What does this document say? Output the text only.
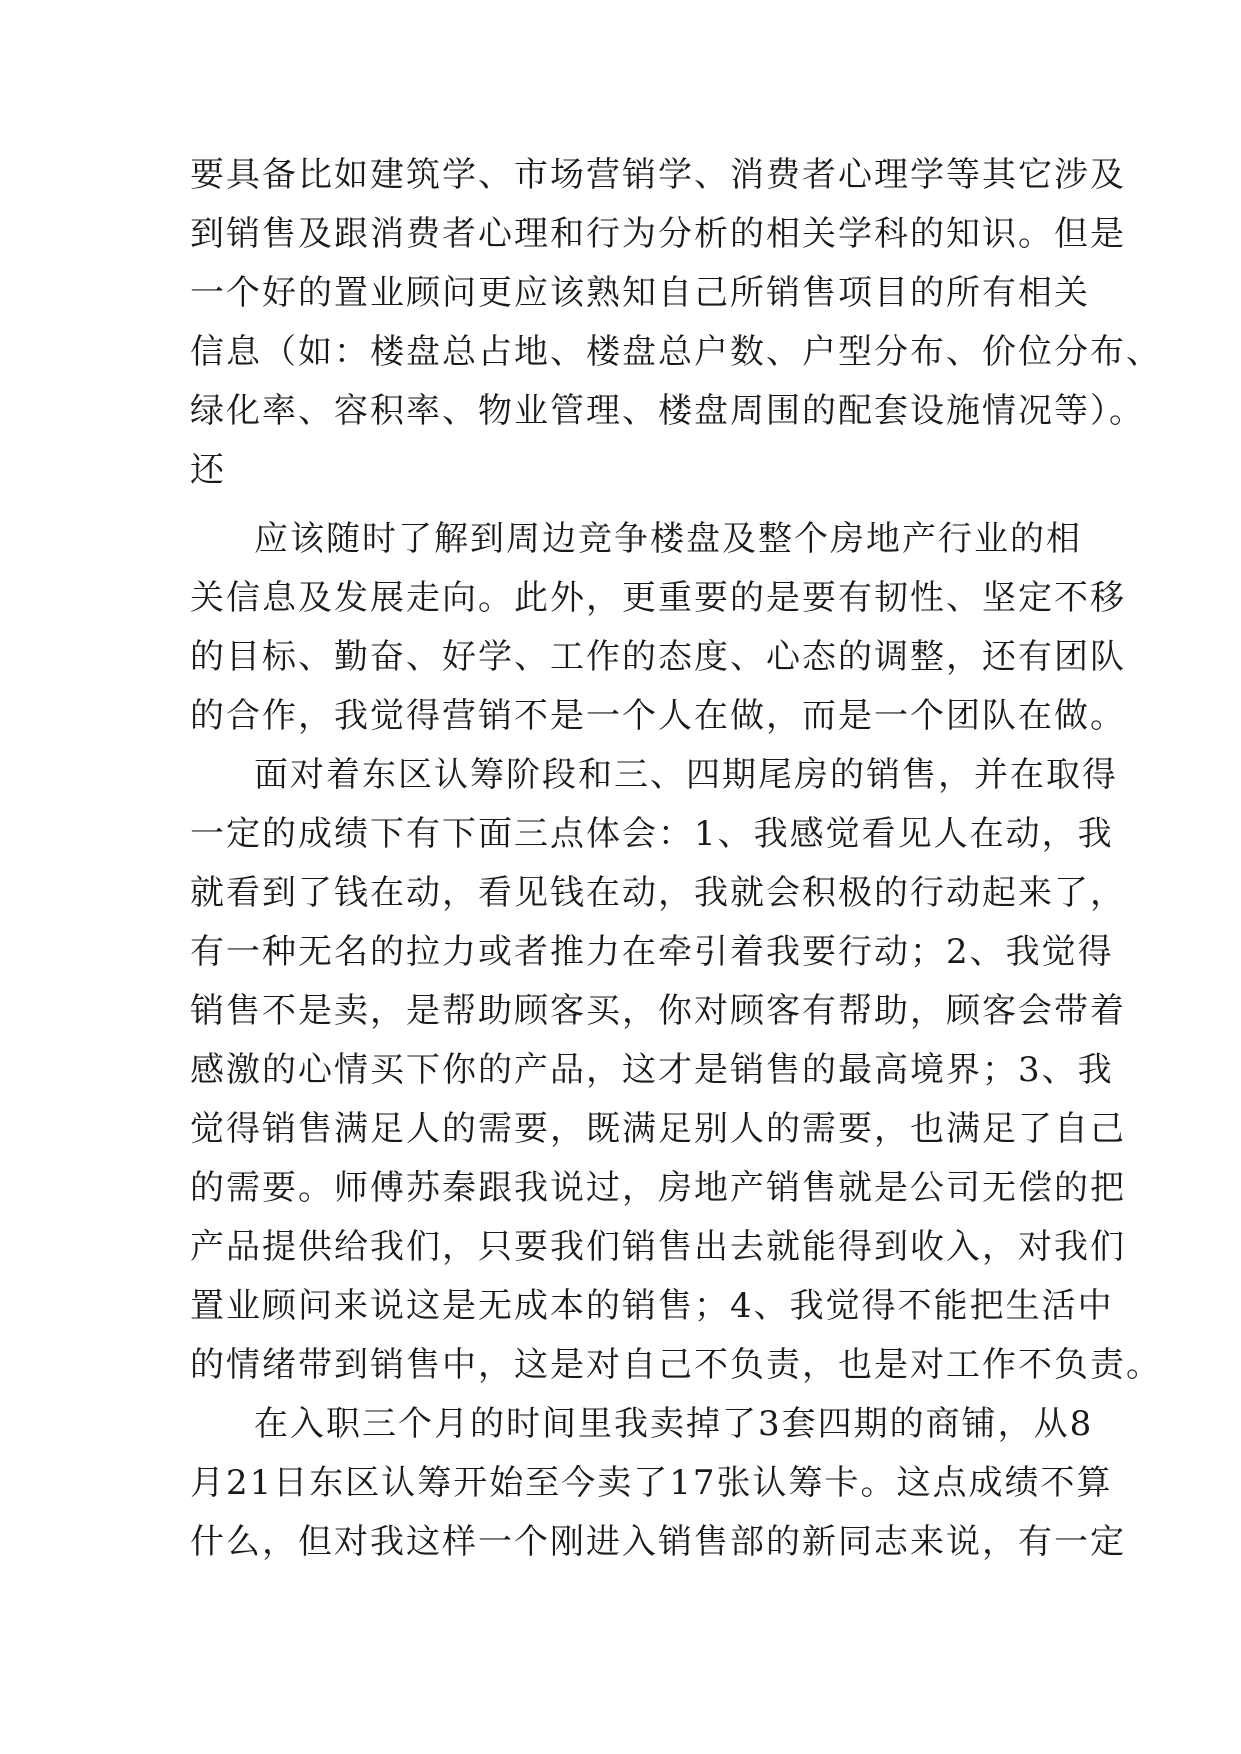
要具备比如建筑学、市场营销学、消费者心理学等其它涉及
到销售及跟消费者心理和行为分析的相关学科的知识。但是
一个好的置业顾问更应该熟知自己所销售项目的所有相关
信息（如：楼盘总占地、楼盘总户数、户型分布、价位分布、
绿化率、容积率、物业管理、楼盘周围的配套设施情况等）。
还
应该随时了解到周边竞争楼盘及整个房地产行业的相
关信息及发展走向。此外，更重要的是要有韧性、坚定不移
的目标、勤奋、好学、工作的态度、心态的调整，还有团队
的合作，我觉得营销不是一个人在做，而是一个团队在做。
面对着东区认筹阶段和三、四期尾房的销售，并在取得
一定的成绩下有下面三点体会：1、我感觉看见人在动，我
就看到了钱在动，看见钱在动，我就会积极的行动起来了，
有一种无名的拉力或者推力在牵引着我要行动；2、我觉得
销售不是卖，是帮助顾客买，你对顾客有帮助，顾客会带着
感激的心情买下你的产品，这才是销售的最高境界；3、我
觉得销售满足人的需要，既满足别人的需要，也满足了自己
的需要。师傅苏秦跟我说过，房地产销售就是公司无偿的把
产品提供给我们，只要我们销售出去就能得到收入，对我们
置业顾问来说这是无成本的销售；4、我觉得不能把生活中
的情绪带到销售中，这是对自己不负责，也是对工作不负责。
在入职三个月的时间里我卖掉了3套四期的商铺，从8
月21日东区认筹开始至今卖了17张认筹卡。这点成绩不算
什么，但对我这样一个刚进入销售部的新同志来说，有一定
